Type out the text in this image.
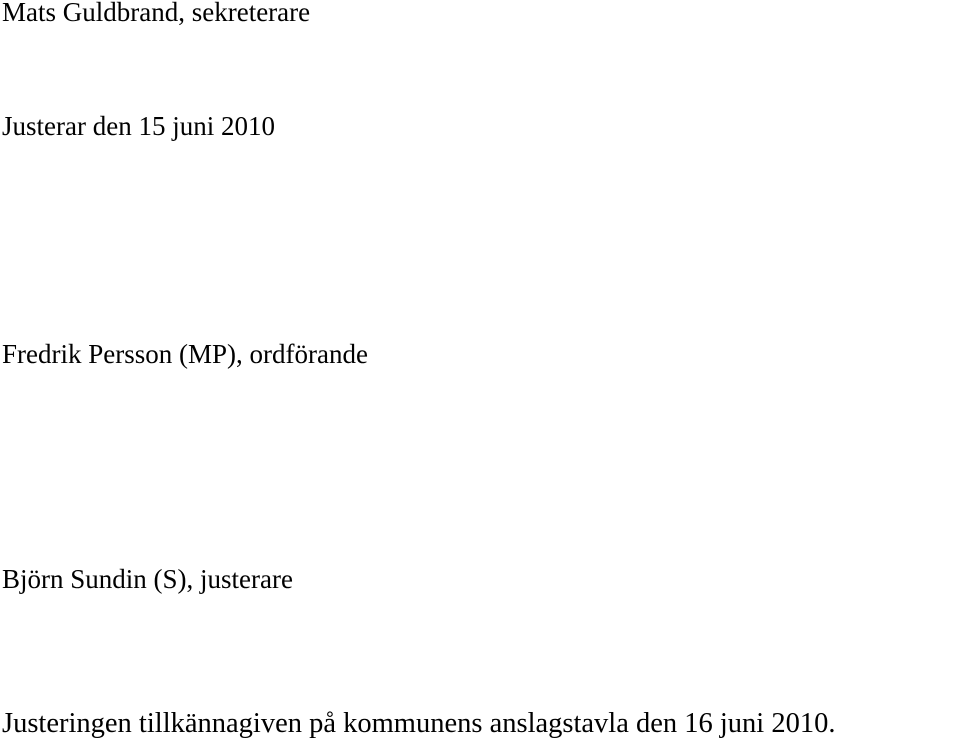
Mats Guldbrand, sekreterare

Justerar den 15 juni 2010

Fredrik Persson (MP), ordförande

Björn Sundin (S), justerare

Justeringen tillkännagiven på kommunens anslagstavla den 16 juni 2010.
